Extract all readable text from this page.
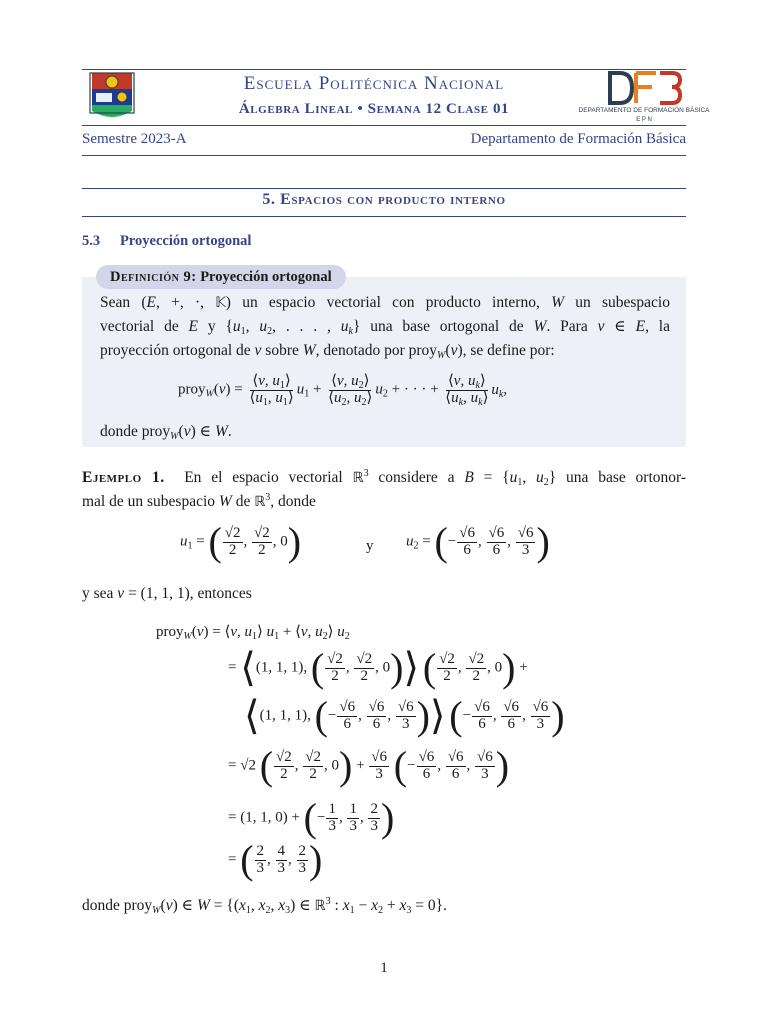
DEPARTAMENTO DE FORMACIÓN BÁSICA
E P N
Escuela Politécnica Nacional
Álgebra Lineal • Semana 12 Clase 01
Semestre 2023-A	Departamento de Formación Básica
5. Espacios con producto interno
5.3 Proyección ortogonal
Definición 9: Proyección ortogonal
Sean (E, +, ·, 𝕂) un espacio vectorial con producto interno, W un subespacio
vectorial de E y {$u_1$, $u_2$, . . . , $u_k$} una base ortogonal de W. Para v ∈ E, la
proyección ortogonal de v sobre W, denotado por proy$_W$(v), se define por:
proy$_W$(v) = $\frac{⟨v, u_1⟩}{⟨u_1, u_1⟩} u_1 + \frac{⟨v, u_2⟩}{⟨u_2, u_2⟩} u_2$ + · · · + $\frac{⟨v, u_k⟩}{⟨u_k, u_k⟩} u_k$,
donde proy$_W$(v) ∈ W.
Ejemplo 1.  En el espacio vectorial ℝ$^3$ considere a $B = \{u_1$, $u_2$} una base ortonor-
mal de un subespacio W de ℝ$^3$, donde
$u_1$ = ( $\frac{√2}{2}$ , $\frac{√2}{2}$ , 0)	y $u_2$ = (− $\frac{√6}{6}$ , $\frac{√6}{6}$ , $\frac{√6}{3}$ )
y sea v = (1, 1, 1), entonces
proy$_W$(v) = ⟨v, $u_1⟩$ $u_1$ + ⟨v, $u_2⟩$ $u_2$
= ⟨(1, 1, 1), ( $\frac{√2}{2}$ , $\frac{√2}{2}$ , 0)⟩ ( $\frac{√2}{2}$ , $\frac{√2}{2}$ , 0) +
⟨(1, 1, 1), (− $\frac{√6}{6}$ , $\frac{√6}{6}$ , $\frac{√6}{3}$ )⟩ (− $\frac{√6}{6}$ , $\frac{√6}{6}$ , $\frac{√6}{3}$ )
= √2 ( $\frac{√2}{2}$ , $\frac{√2}{2}$ , $0) + \frac{√6}{3}$ (− $\frac{√6}{6}$ , $\frac{√6}{6}$ , $\frac{√6}{3}$ )
= (1, 1, 0) + (− $\frac{1}{3}$ , $\frac{1}{3}$ , $\frac{2}{3}$ )
= ( $\frac{2}{3}$ , $\frac{4}{3}$ , $\frac{2}{3}$ )
donde proy$_W$(v) ∈ $W = \{(x_1$, $x_2$, $x_3$) ∈ ℝ$^3$ : $x_1 - x_2 + x_3 = 0$}.
1
